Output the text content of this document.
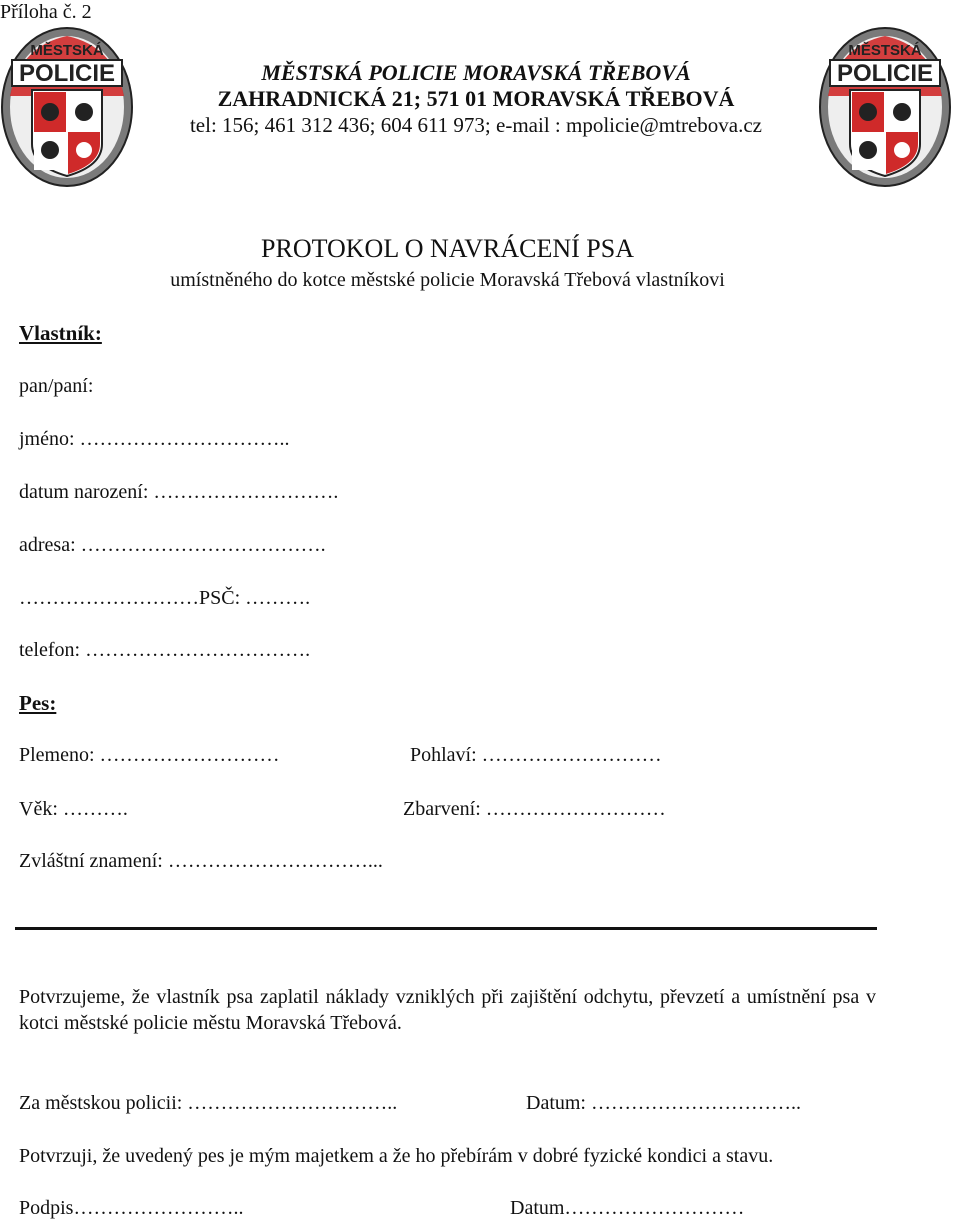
Příloha č. 2
MĚSTSKÁ
POLICIE
MĚSTSKÁ
POLICIE
MĚSTSKÁ POLICIE MORAVSKÁ TŘEBOVÁ
ZAHRADNICKÁ 21; 571 01 MORAVSKÁ TŘEBOVÁ
tel: 156; 461 312 436; 604 611 973; e-mail : mpolicie@mtrebova.cz
PROTOKOL O NAVRÁCENÍ PSA
umístněného do kotce městské policie Moravská Třebová vlastníkovi
Vlastník:
pan/paní:
jméno: …………………………..
datum narození: ……………………….
adresa: ……………………………….
………………………PSČ: ……….
telefon: …………………………….
Pes:
Plemeno: ………………………	Pohlaví: ………………………
Věk: ……….	Zbarvení: ………………………
Zvláštní znamení: …………………………...
Potvrzujeme, že vlastník psa zaplatil náklady vzniklých při zajištění odchytu, převzetí a umístnění psa v kotci městské policie městu Moravská Třebová.
Za městskou policii: …………………………..	Datum: …………………………..
Potvrzuji, že uvedený pes je mým majetkem a že ho přebírám v dobré fyzické kondici a stavu.
Podpis……………………..	Datum………………………
